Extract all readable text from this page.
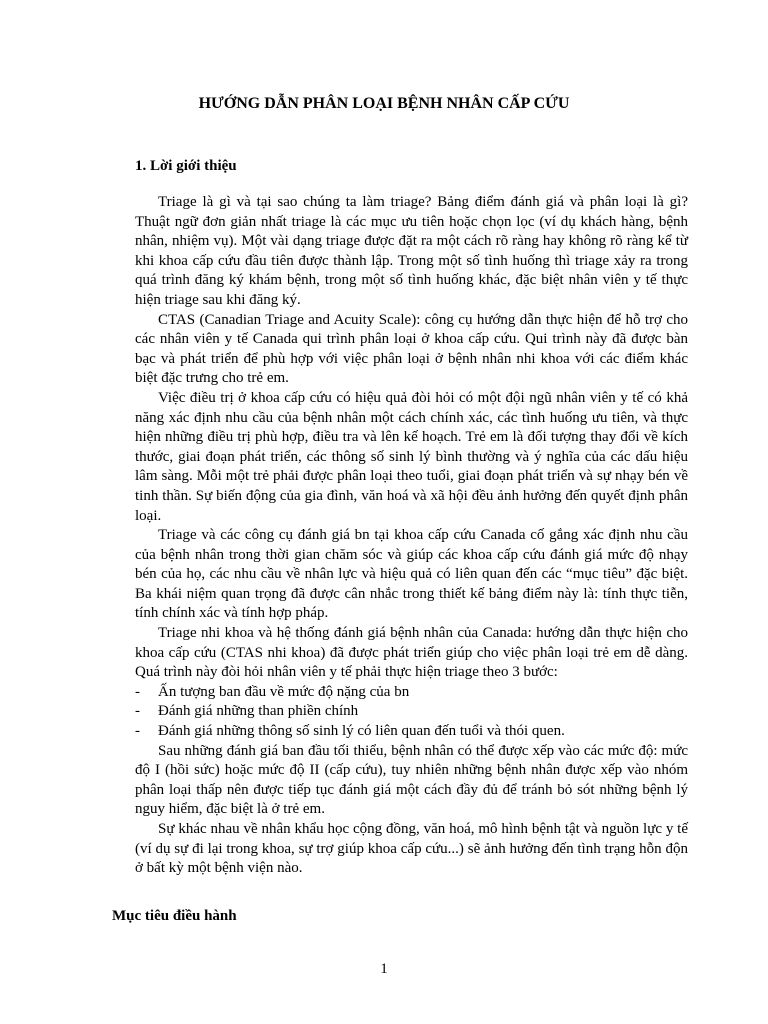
HƯỚNG DẪN PHÂN LOẠI BỆNH NHÂN CẤP CỨU
1. Lời giới thiệu

Triage là gì và tại sao chúng ta làm triage? Bảng điểm đánh giá và phân loại là gì? Thuật ngữ đơn giản nhất triage là các mục ưu tiên hoặc chọn lọc (ví dụ khách hàng, bệnh nhân, nhiệm vụ). Một vài dạng triage được đặt ra một cách rõ ràng hay không rõ ràng kể từ khi khoa cấp cứu đầu tiên được thành lập. Trong một số tình huống thì triage xảy ra trong quá trình đăng ký khám bệnh, trong một số tình huống khác, đặc biệt nhân viên y tế thực hiện triage sau khi đăng ký.

CTAS (Canadian Triage and Acuity Scale): công cụ hướng dẫn thực hiện để hỗ trợ cho các nhân viên y tế Canada qui trình phân loại ở khoa cấp cứu. Qui trình này đã được bàn bạc và phát triển để phù hợp với việc phân loại ở bệnh nhân nhi khoa với các điểm khác biệt đặc trưng cho trẻ em.

Việc điều trị ở khoa cấp cứu có hiệu quả đòi hỏi có một đội ngũ nhân viên y tế có khả năng xác định nhu cầu của bệnh nhân một cách chính xác, các tình huống ưu tiên, và thực hiện những điều trị phù hợp, điều tra và lên kế hoạch. Trẻ em là đối tượng thay đổi về kích thước, giai đoạn phát triển, các thông số sinh lý bình thường và ý nghĩa của các dấu hiệu lâm sàng. Mỗi một trẻ phải được phân loại theo tuổi, giai đoạn phát triển và sự nhạy bén về tinh thần. Sự biến động của gia đình, văn hoá và xã hội đều ảnh hưởng đến quyết định phân loại.

Triage và các công cụ đánh giá bn tại khoa cấp cứu Canada cố gắng xác định nhu cầu của bệnh nhân trong thời gian chăm sóc và giúp các khoa cấp cứu đánh giá mức độ nhạy bén của họ, các nhu cầu về nhân lực và hiệu quả có liên quan đến các “mục tiêu” đặc biệt. Ba khái niệm quan trọng đã được cân nhắc trong thiết kế bảng điểm này là: tính thực tiễn, tính chính xác và tính hợp pháp.

Triage nhi khoa và hệ thống đánh giá bệnh nhân của Canada: hướng dẫn thực hiện cho khoa cấp cứu (CTAS nhi khoa) đã được phát triển giúp cho việc phân loại trẻ em dễ dàng. Quá trình này đòi hỏi nhân viên y tế phải thực hiện triage theo 3 bước:

- Ấn tượng ban đầu về mức độ nặng của bn
- Đánh giá những than phiền chính
- Đánh giá những thông số sinh lý có liên quan đến tuổi và thói quen.

Sau những đánh giá ban đầu tối thiểu, bệnh nhân có thể được xếp vào các mức độ: mức độ I (hồi sức) hoặc mức độ II (cấp cứu), tuy nhiên những bệnh nhân được xếp vào nhóm phân loại thấp nên được tiếp tục đánh giá một cách đầy đủ để tránh bỏ sót những bệnh lý nguy hiểm, đặc biệt là ở trẻ em.

Sự khác nhau về nhân khẩu học cộng đồng, văn hoá, mô hình bệnh tật và nguồn lực y tế (ví dụ sự đi lại trong khoa, sự trợ giúp khoa cấp cứu...) sẽ ảnh hưởng đến tình trạng hỗn độn ở bất kỳ một bệnh viện nào.

Mục tiêu điều hành
1
